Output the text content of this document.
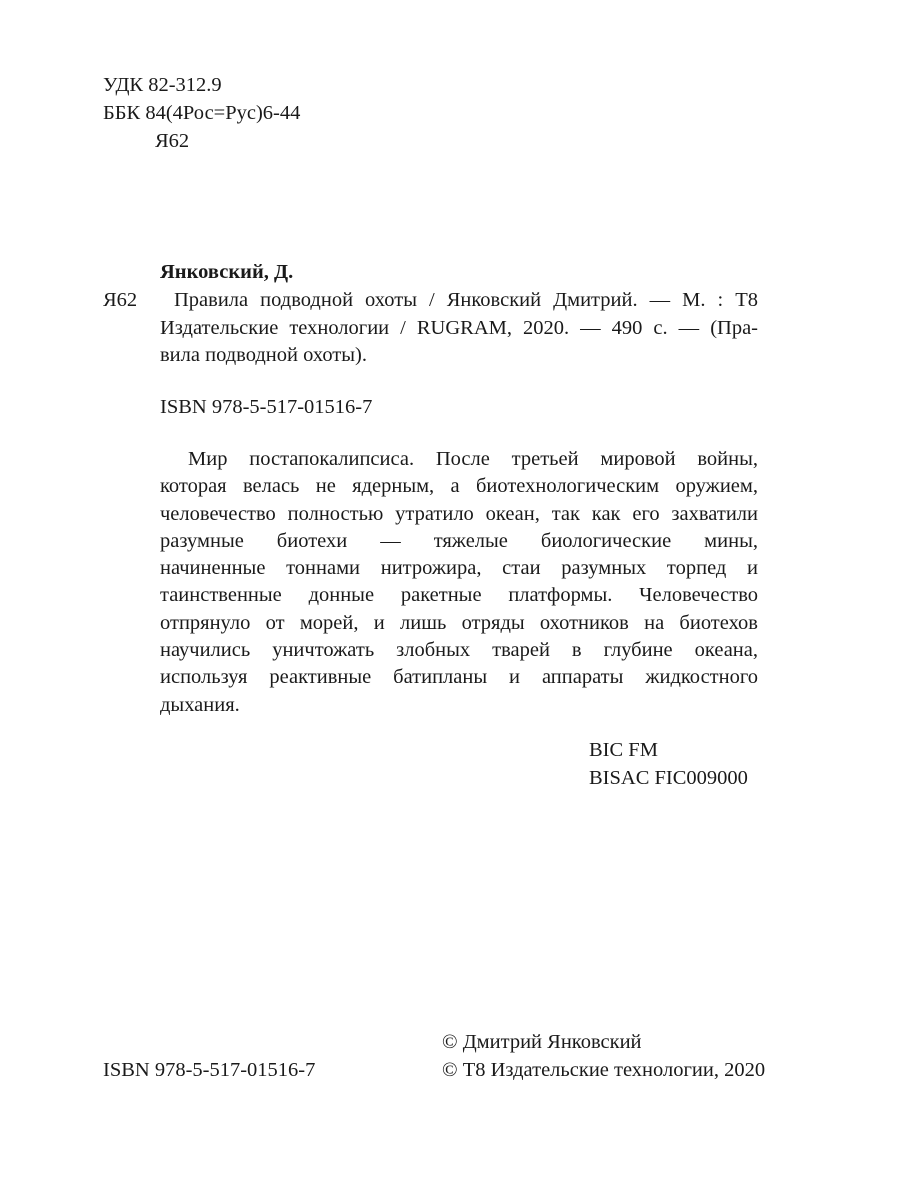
УДК 82-312.9
ББК 84(4Рос=Рус)6-44
Я62
Янковский, Д.
Я62	Правила подводной охоты / Янковский Дмитрий. — М. : Т8
Издательские технологии / RUGRAM, 2020. — 490 с. — (Пра-
вила подводной охоты).
ISBN 978-5-517-01516-7
Мир постапокалипсиса. После третьей мировой войны,
которая велась не ядерным, а биотехнологическим оружием,
человечество полностью утратило океан, так как его захватили
разумные биотехи — тяжелые биологические мины,
начиненные тоннами нитрожира, стаи разумных торпед и
таинственные донные ракетные платформы. Человечество
отпрянуло от морей, и лишь отряды охотников на биотехов
научились уничтожать злобных тварей в глубине океана,
используя реактивные батипланы и аппараты жидкостного
дыхания.
BIC FM
BISAC FIC009000
© Дмитрий Янковский
© Т8 Издательские технологии, 2020
ISBN 978-5-517-01516-7
